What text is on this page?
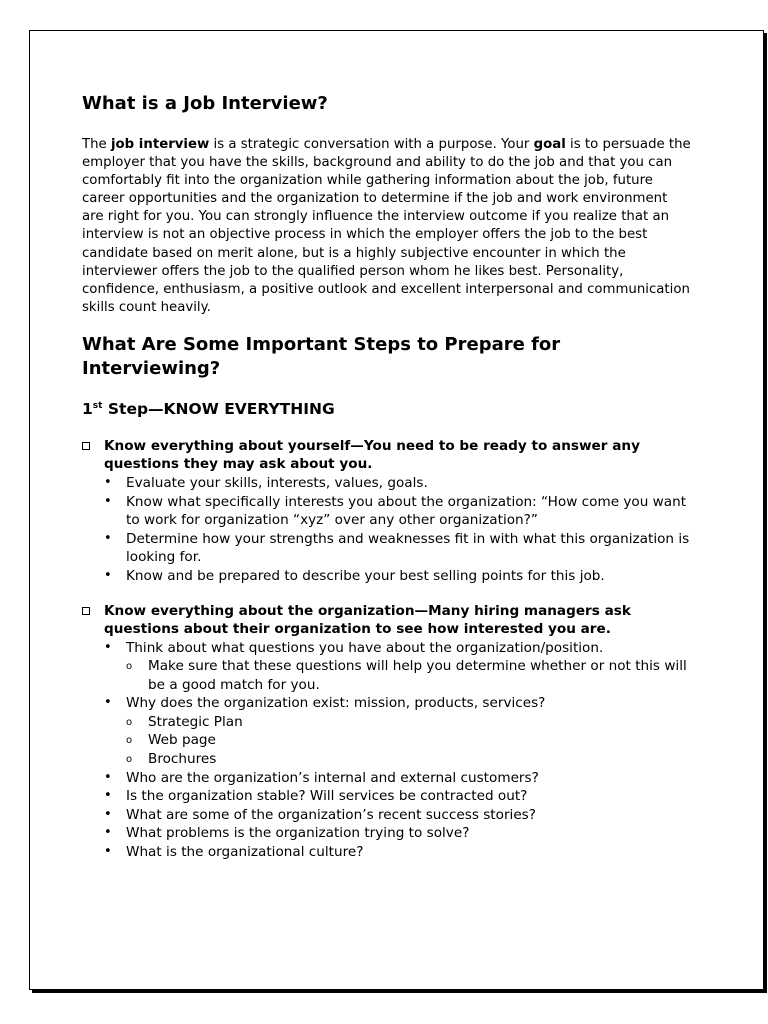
What is a Job Interview?

The job interview is a strategic conversation with a purpose. Your goal is to persuade the employer that you have the skills, background and ability to do the job and that you can comfortably fit into the organization while gathering information about the job, future career opportunities and the organization to determine if the job and work environment are right for you. You can strongly influence the interview outcome if you realize that an interview is not an objective process in which the employer offers the job to the best candidate based on merit alone, but is a highly subjective encounter in which the interviewer offers the job to the qualified person whom he likes best. Personality, confidence, enthusiasm, a positive outlook and excellent interpersonal and communication skills count heavily.

What Are Some Important Steps to Prepare for Interviewing?
1st Step—KNOW EVERYTHING
Know everything about yourself—You need to be ready to answer any questions they may ask about you.
•	Evaluate your skills, interests, values, goals.
•	Know what specifically interests you about the organization: “How come you want to work for organization “xyz” over any other organization?”
•	Determine how your strengths and weaknesses fit in with what this organization is looking for.
•	Know and be prepared to describe your best selling points for this job.
Know everything about the organization—Many hiring managers ask questions about their organization to see how interested you are.
•	Think about what questions you have about the organization/position.
o Make sure that these questions will help you determine whether or not this will be a good match for you.
•	Why does the organization exist: mission, products, services?
o Strategic Plan
o Web page
o Brochures
•	Who are the organization’s internal and external customers?
•	Is the organization stable? Will services be contracted out?
•	What are some of the organization’s recent success stories?
•	What problems is the organization trying to solve?
•	What is the organizational culture?
